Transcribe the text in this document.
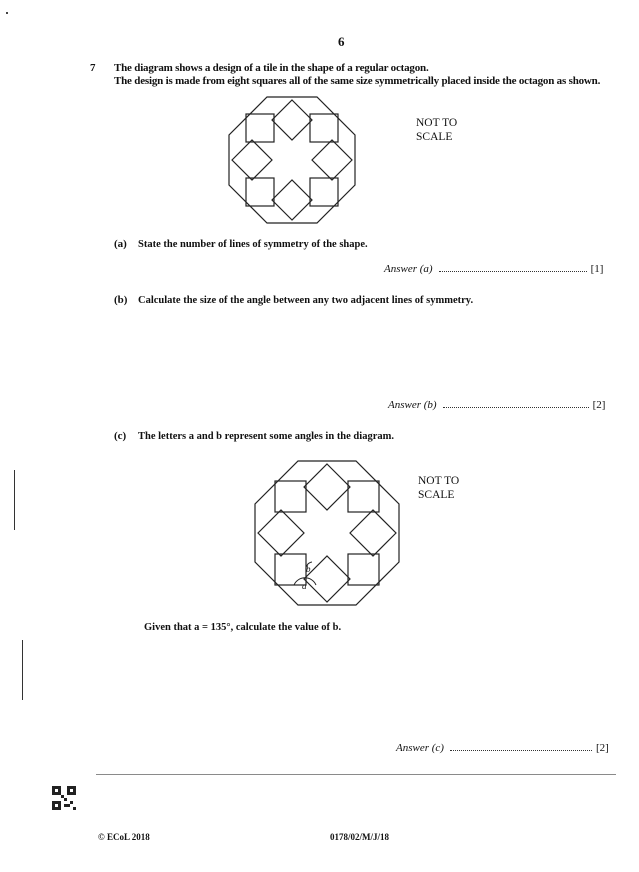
6
7 The diagram shows a design of a tile in the shape of a regular octagon.
The design is made from eight squares all of the same size symmetrically placed inside the octagon as shown.
NOT TO
SCALE
(a) State the number of lines of symmetry of the shape.
Answer (a)	[1]
(b) Calculate the size of the angle between any two adjacent lines of symmetry.
Answer (b)	[2]
(c) The letters a and b represent some angles in the diagram.
a
b
NOT TO
SCALE
Given that a = 135°, calculate the value of b.
Answer (c)	[2]
© ECoL 2018	0178/02/M/J/18
